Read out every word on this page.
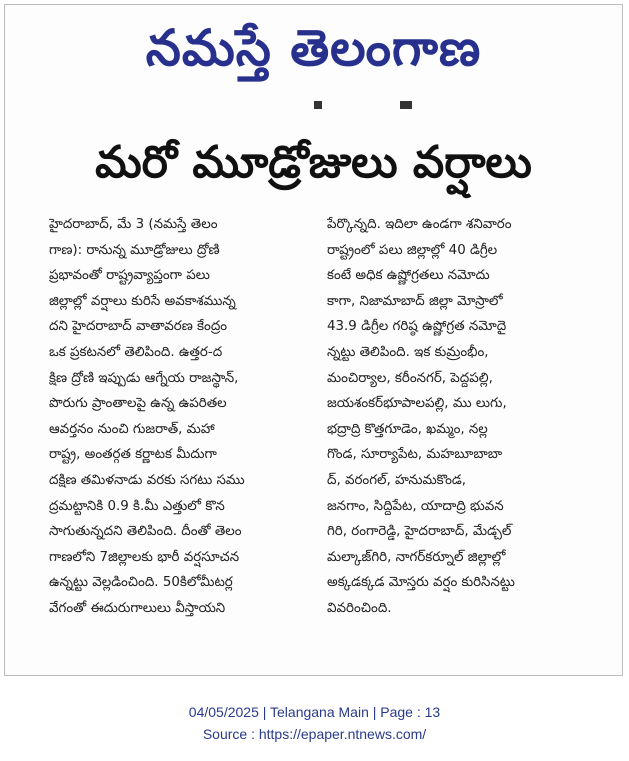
నమస్తే తెలంగాణ
మరో మూడ్రోజులు వర్షాలు
హైదరాబాద్, మే 3 (నమస్తే తెలం
గాణ): రానున్న మూడ్రోజులు ద్రోణి
ప్రభావంతో రాష్ట్రవ్యాప్తంగా పలు
జిల్లాల్లో వర్షాలు కురిసే అవకాశమున్న
దని హైదరాబాద్ వాతావరణ కేంద్రం
ఒక ప్రకటనలో తెలిపింది. ఉత్తర-ద
క్షిణ ద్రోణి ఇప్పుడు ఆగ్నేయ రాజస్థాన్,
పొరుగు ప్రాంతాలపై ఉన్న ఉపరితల
ఆవర్తనం నుంచి గుజరాత్, మహా
రాష్ట్ర, అంతర్గత కర్ణాటక మీదుగా
దక్షిణ తమిళనాడు వరకు సగటు సము
ద్రమట్టానికి 0.9 కి.మీ ఎత్తులో కొన
సాగుతున్నదని తెలిపింది. దీంతో తెలం
గాణలోని 7జిల్లాలకు భారీ వర్షసూచన
ఉన్నట్టు వెల్లడించింది. 50కిలోమీటర్ల
వేగంతో ఈదురుగాలులు వీస్తాయని
పేర్కొన్నది. ఇదిలా ఉండగా శనివారం
రాష్ట్రంలో పలు జిల్లాల్లో 40 డిగ్రీల
కంటే అధిక ఉష్ణోగ్రతలు నమోదు
కాగా, నిజామాబాద్ జిల్లా మోస్రాలో
43.9 డిగ్రీల గరిష్ఠ ఉష్ణోగ్రత నమోదై
న్నట్టు తెలిపింది. ఇక కుమ్రంభీం,
మంచిర్యాల, కరీంనగర్, పెద్దపల్లి,
జయశంకర్‌భూపాలపల్లి, ము లుగు,
భద్రాద్రి కొత్తగూడెం, ఖమ్మం, నల్ల
గొండ, సూర్యాపేట, మహబూబాబా
ద్, వరంగల్, హనుమకొండ,
జనగాం, సిద్దిపేట, యాదాద్రి భువన
గిరి, రంగారెడ్డి, హైదరాబాద్, మేడ్చల్
మల్కాజ్‌గిరి, నాగర్‌కర్నూల్ జిల్లాల్లో
అక్కడక్కడ మోస్తరు వర్షం కురిసినట్టు
వివరించింది.
04/05/2025 | Telangana Main | Page : 13
Source : https://epaper.ntnews.com/
